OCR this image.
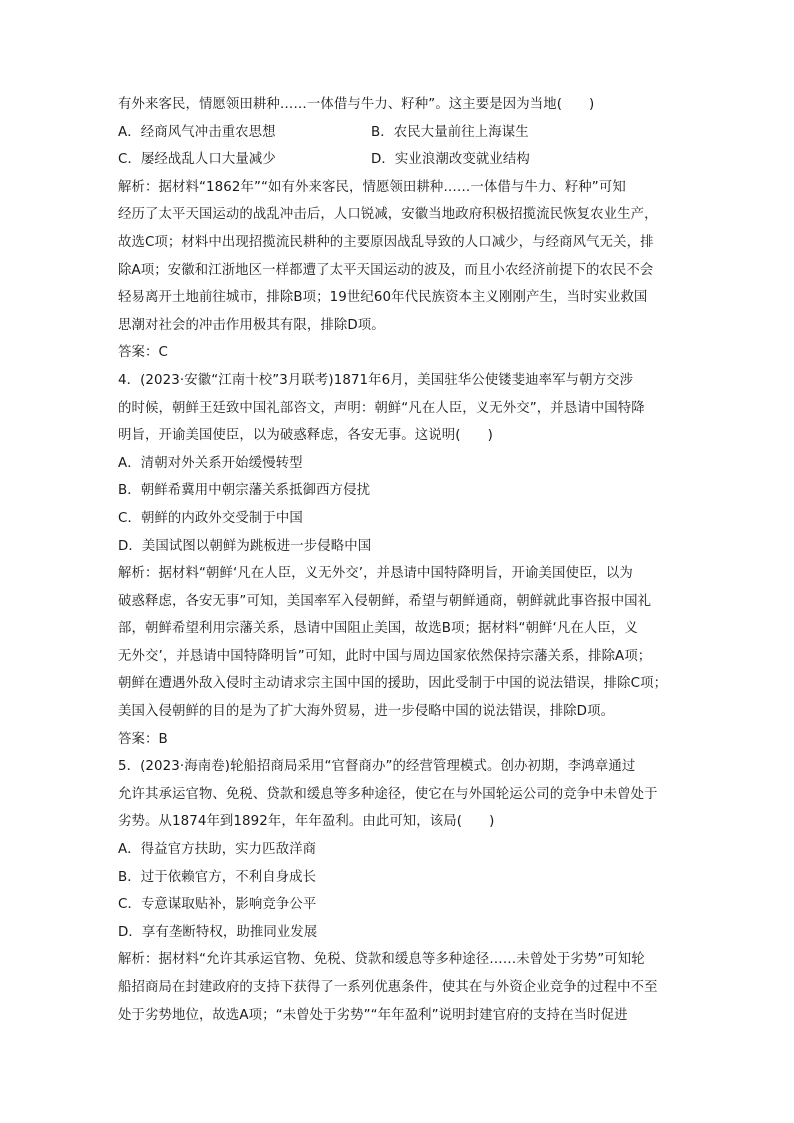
有外来客民，情愿领田耕种……一体借与牛力、籽种”。这主要是因为当地(　　)
A．经商风气冲击重农思想	B．农民大量前往上海谋生
C．屡经战乱人口大量减少	D．实业浪潮改变就业结构
解析：据材料“1862年”“如有外来客民，情愿领田耕种……一体借与牛力、籽种”可知
经历了太平天国运动的战乱冲击后，人口锐减，安徽当地政府积极招揽流民恢复农业生产，
故选C项；材料中出现招揽流民耕种的主要原因战乱导致的人口减少，与经商风气无关，排
除A项；安徽和江浙地区一样都遭了太平天国运动的波及，而且小农经济前提下的农民不会
轻易离开土地前往城市，排除B项；19世纪60年代民族资本主义刚刚产生，当时实业救国
思潮对社会的冲击作用极其有限，排除D项。
答案：C
4．(2023·安徽“江南十校”3月联考)1871年6月，美国驻华公使镂斐迪率军与朝方交涉
的时候，朝鲜王廷致中国礼部咨文，声明：朝鲜“凡在人臣，义无外交”，并恳请中国特降
明旨，开谕美国使臣，以为破惑释虑，各安无事。这说明(　　)
A．清朝对外关系开始缓慢转型
B．朝鲜希冀用中朝宗藩关系抵御西方侵扰
C．朝鲜的内政外交受制于中国
D．美国试图以朝鲜为跳板进一步侵略中国
解析：据材料“朝鲜‘凡在人臣，义无外交’，并恳请中国特降明旨，开谕美国使臣，以为
破惑释虑，各安无事”可知，美国率军入侵朝鲜，希望与朝鲜通商，朝鲜就此事咨报中国礼
部，朝鲜希望利用宗藩关系，恳请中国阻止美国，故选B项；据材料“朝鲜‘凡在人臣，义
无外交’，并恳请中国特降明旨”可知，此时中国与周边国家依然保持宗藩关系，排除A项；
朝鲜在遭遇外敌入侵时主动请求宗主国中国的援助，因此受制于中国的说法错误，排除C项；
美国入侵朝鲜的目的是为了扩大海外贸易，进一步侵略中国的说法错误，排除D项。
答案：B
5．(2023·海南卷)轮船招商局采用“官督商办”的经营管理模式。创办初期，李鸿章通过
允许其承运官物、免税、贷款和缓息等多种途径，使它在与外国轮运公司的竞争中未曾处于
劣势。从1874年到1892年，年年盈利。由此可知，该局(　　)
A．得益官方扶助，实力匹敌洋商
B．过于依赖官方，不利自身成长
C．专意谋取贴补，影响竞争公平
D．享有垄断特权，助推同业发展
解析：据材料“允许其承运官物、免税、贷款和缓息等多种途径……未曾处于劣势”可知轮
船招商局在封建政府的支持下获得了一系列优惠条件，使其在与外资企业竞争的过程中不至
处于劣势地位，故选A项；“未曾处于劣势”“年年盈利”说明封建官府的支持在当时促进
